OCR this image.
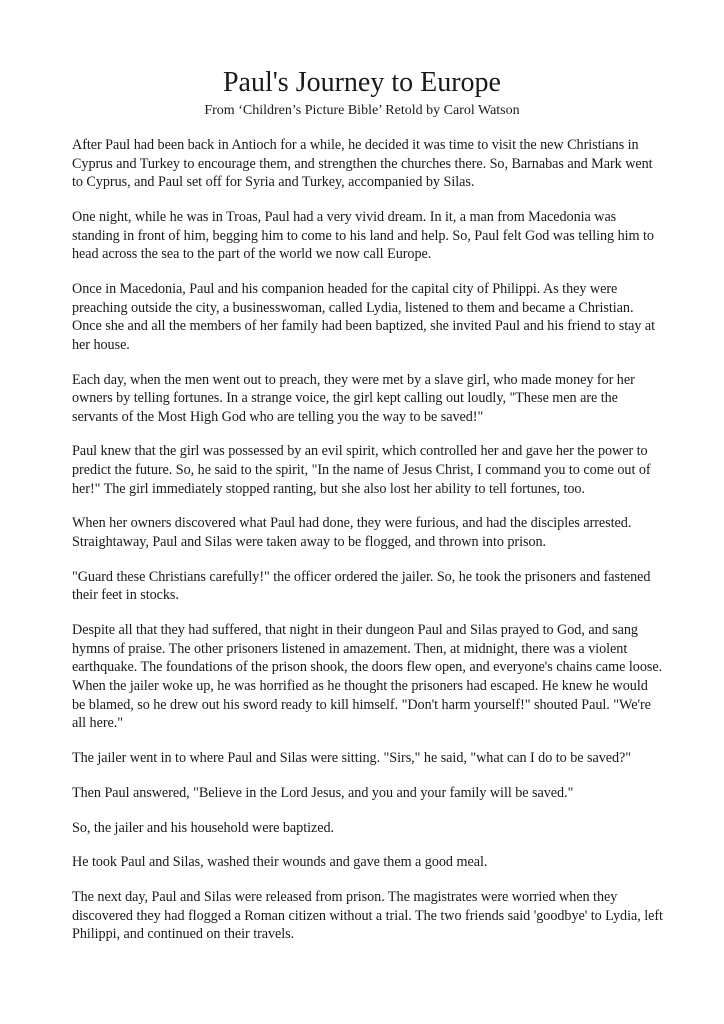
Paul's Journey to Europe

From ‘Children’s Picture Bible’ Retold by Carol Watson

After Paul had been back in Antioch for a while, he decided it was time to visit the new Christians in Cyprus and Turkey to encourage them, and strengthen the churches there. So, Barnabas and Mark went to Cyprus, and Paul set off for Syria and Turkey, accompanied by Silas.

One night, while he was in Troas, Paul had a very vivid dream. In it, a man from Macedonia was standing in front of him, begging him to come to his land and help. So, Paul felt God was telling him to head across the sea to the part of the world we now call Europe.

Once in Macedonia, Paul and his companion headed for the capital city of Philippi. As they were preaching outside the city, a businesswoman, called Lydia, listened to them and became a Christian. Once she and all the members of her family had been baptized, she invited Paul and his friend to stay at her house.

Each day, when the men went out to preach, they were met by a slave girl, who made money for her owners by telling fortunes. In a strange voice, the girl kept calling out loudly, "These men are the servants of the Most High God who are telling you the way to be saved!"

Paul knew that the girl was possessed by an evil spirit, which controlled her and gave her the power to predict the future. So, he said to the spirit, "In the name of Jesus Christ, I command you to come out of her!" The girl immediately stopped ranting, but she also lost her ability to tell fortunes, too.

When her owners discovered what Paul had done, they were furious, and had the disciples arrested. Straightaway, Paul and Silas were taken away to be flogged, and thrown into prison.

"Guard these Christians carefully!" the officer ordered the jailer. So, he took the prisoners and fastened their feet in stocks.

Despite all that they had suffered, that night in their dungeon Paul and Silas prayed to God, and sang hymns of praise. The other prisoners listened in amazement. Then, at midnight, there was a violent earthquake. The foundations of the prison shook, the doors flew open, and everyone's chains came loose. When the jailer woke up, he was horrified as he thought the prisoners had escaped. He knew he would be blamed, so he drew out his sword ready to kill himself. "Don't harm yourself!" shouted Paul. "We're all here."

The jailer went in to where Paul and Silas were sitting. "Sirs," he said, "what can I do to be saved?"

Then Paul answered, "Believe in the Lord Jesus, and you and your family will be saved."

So, the jailer and his household were baptized.

He took Paul and Silas, washed their wounds and gave them a good meal.

The next day, Paul and Silas were released from prison. The magistrates were worried when they discovered they had flogged a Roman citizen without a trial. The two friends said 'goodbye' to Lydia, left Philippi, and continued on their travels.
